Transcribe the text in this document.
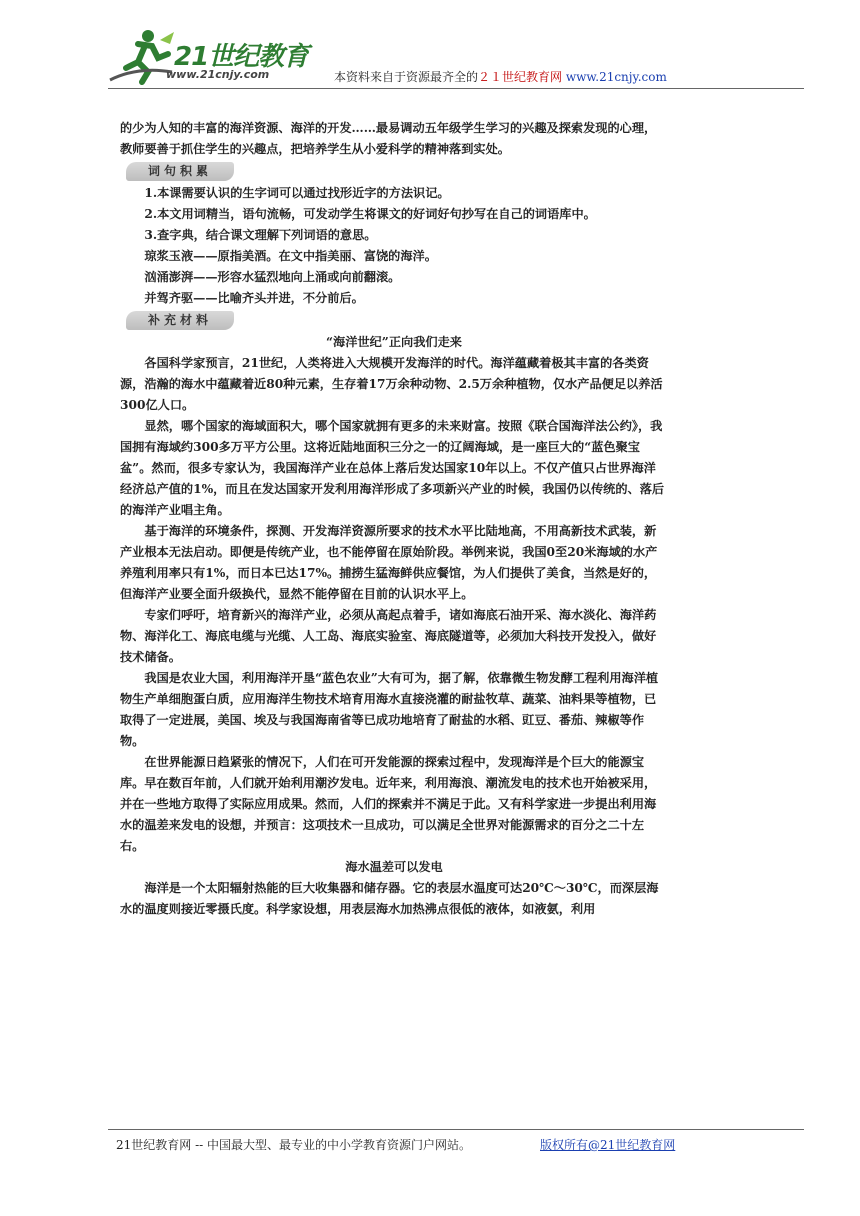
21世纪教育
www.21cnjy.com	本资料来自于资源最齐全的２１世纪教育网 www.21cnjy.com

的少为人知的丰富的海洋资源、海洋的开发……最易调动五年级学生学习的兴趣及探索发现的心理，教师要善于抓住学生的兴趣点，把培养学生从小爱科学的精神落到实处。

词句积累

1.本课需要认识的生字词可以通过找形近字的方法识记。

2.本文用词精当，语句流畅，可发动学生将课文的好词好句抄写在自己的词语库中。

3.查字典，结合课文理解下列词语的意思。

琼浆玉液——原指美酒。在文中指美丽、富饶的海洋。

汹涌澎湃——形容水猛烈地向上涌或向前翻滚。

并驾齐驱——比喻齐头并进，不分前后。

补充材料

“海洋世纪”正向我们走来

各国科学家预言，21世纪，人类将进入大规模开发海洋的时代。海洋蕴藏着极其丰富的各类资源，浩瀚的海水中蕴藏着近80种元素，生存着17万余种动物、2.5万余种植物，仅水产品便足以养活300亿人口。

显然，哪个国家的海域面积大，哪个国家就拥有更多的未来财富。按照《联合国海洋法公约》，我国拥有海域约300多万平方公里。这将近陆地面积三分之一的辽阔海域，是一座巨大的“蓝色聚宝盆”。然而，很多专家认为，我国海洋产业在总体上落后发达国家10年以上。不仅产值只占世界海洋经济总产值的1%，而且在发达国家开发利用海洋形成了多项新兴产业的时候，我国仍以传统的、落后的海洋产业唱主角。

基于海洋的环境条件，探测、开发海洋资源所要求的技术水平比陆地高，不用高新技术武装，新产业根本无法启动。即便是传统产业，也不能停留在原始阶段。举例来说，我国0至20米海域的水产养殖利用率只有1%，而日本已达17%。捕捞生猛海鲜供应餐馆，为人们提供了美食，当然是好的，但海洋产业要全面升级换代，显然不能停留在目前的认识水平上。

专家们呼吁，培育新兴的海洋产业，必须从高起点着手，诸如海底石油开采、海水淡化、海洋药物、海洋化工、海底电缆与光缆、人工岛、海底实验室、海底隧道等，必须加大科技开发投入，做好技术储备。

我国是农业大国，利用海洋开垦“蓝色农业”大有可为，据了解，依靠微生物发酵工程利用海洋植物生产单细胞蛋白质，应用海洋生物技术培育用海水直接浇灌的耐盐牧草、蔬菜、油料果等植物，已取得了一定进展，美国、埃及与我国海南省等已成功地培育了耐盐的水稻、豇豆、番茄、辣椒等作物。

在世界能源日趋紧张的情况下，人们在可开发能源的探索过程中，发现海洋是个巨大的能源宝库。早在数百年前，人们就开始利用潮汐发电。近年来，利用海浪、潮流发电的技术也开始被采用，并在一些地方取得了实际应用成果。然而，人们的探索并不满足于此。又有科学家进一步提出利用海水的温差来发电的设想，并预言：这项技术一旦成功，可以满足全世界对能源需求的百分之二十左右。

海水温差可以发电

海洋是一个太阳辐射热能的巨大收集器和储存器。它的表层水温度可达20℃～30℃，而深层海水的温度则接近零摄氏度。科学家设想，用表层海水加热沸点很低的液体，如液氨，利用

21世纪教育网 -- 中国最大型、最专业的中小学教育资源门户网站。	版权所有@21世纪教育网
